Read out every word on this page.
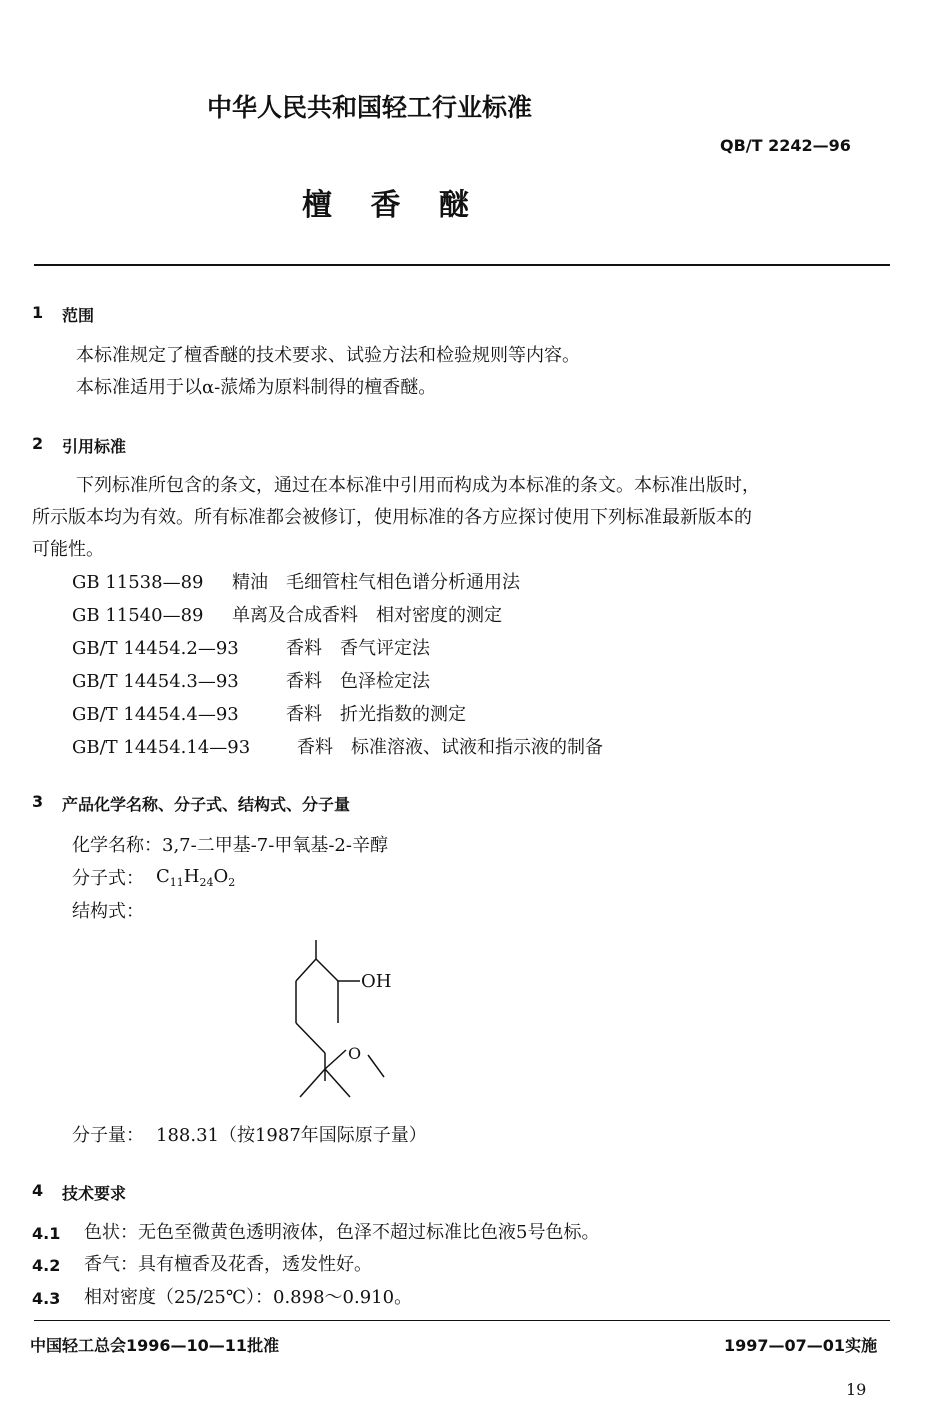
中华人民共和国轻工行业标准
QB/T 2242—96
檀 香 醚
1 范围
本标准规定了檀香醚的技术要求、试验方法和检验规则等内容。
本标准适用于以α-蒎烯为原料制得的檀香醚。
2 引用标准
下列标准所包含的条文，通过在本标准中引用而构成为本标准的条文。本标准出版时，
所示版本均为有效。所有标准都会被修订，使用标准的各方应探讨使用下列标准最新版本的
可能性。
GB 11538—89 精油　毛细管柱气相色谱分析通用法
GB 11540—89 单离及合成香料　相对密度的测定
GB/T 14454.2—93	香料　香气评定法
GB/T 14454.3—93	香料　色泽检定法
GB/T 14454.4—93	香料　折光指数的测定
GB/T 14454.14—93	香料　标准溶液、试液和指示液的制备
3 产品化学名称、分子式、结构式、分子量
化学名称： 3,7-二甲基-7-甲氧基-2-辛醇
分子式： $C_{11}H_{24}O_2$
结构式：
OH
O
分子量： 188.31（按1987年国际原子量）
4 技术要求
4.1 色状：无色至微黄色透明液体，色泽不超过标准比色液5号色标。
4.2 香气：具有檀香及花香，透发性好。
4.3 相对密度（25/25℃）：0.898～0.910。
中国轻工总会1996—10—11批准	1997—07—01实施
19
